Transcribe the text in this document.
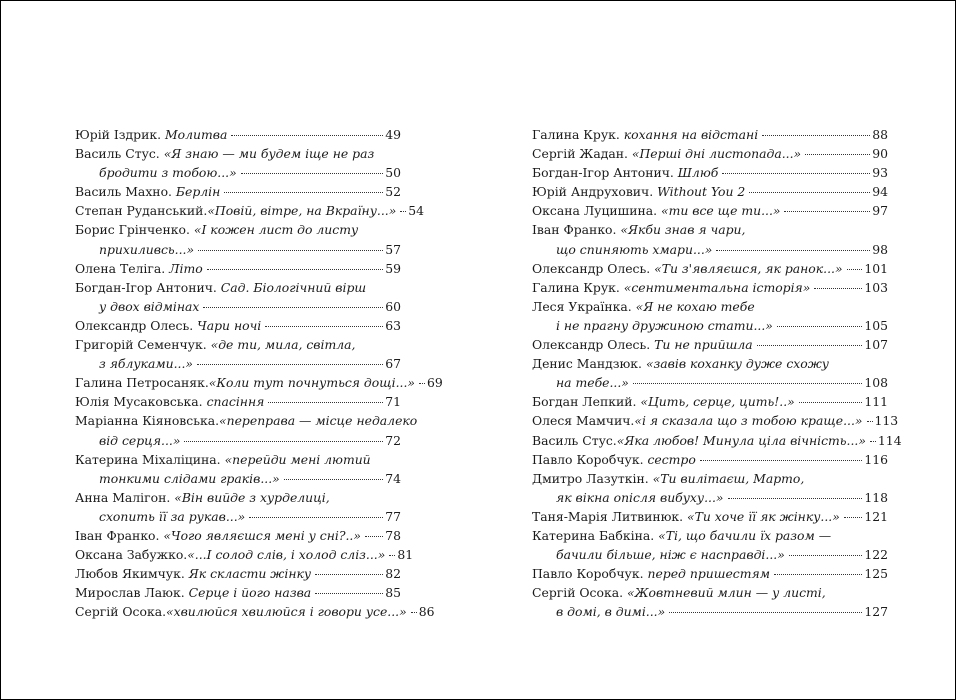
Юрій Іздрик. Молитва	49
Василь Стус. «Я знаю — ми будем іще не раз
бродити з тобою...»	50
Василь Махно. Берлін	52
Степан Руданський. «Повій, вітре, на Вкраїну...» 54
Борис Грінченко. «І кожен лист до листу
прихиливсь...»	57
Олена Теліга. Літо	59
Богдан-Ігор Антонич. Сад. Біологічний вірш
у двох відмінах	60
Олександр Олесь. Чари ночі	63
Григорій Семенчук. «де ти, мила, світла,
з яблуками...»	67
Галина Петросаняк. «Коли тут почнуться дощі...» 69
Юлія Мусаковська. спасіння	71
Маріанна Кіяновська. «переправа — місце недалеко
від серця...»	72
Катерина Міхаліцина. «перейди мені лютий
тонкими слідами граків...»	74
Анна Малігон. «Він вийде з хурделиці,
схопить її за рукав...»	77
Іван Франко. «Чого являєшся мені у сні?..» 78
Оксана Забужко. «...І солод слів, і холод сліз...» 81
Любов Якимчук. Як скласти жінку	82
Мирослав Лаюк. Серце і його назва	85
Сергій Осока. «хвилюйся хвилюйся і говори усе...» 86
Галина Крук. кохання на відстані	88
Сергій Жадан. «Перші дні листопада...»	90
Богдан-Ігор Антонич. Шлюб	93
Юрій Андрухович. Without You 2	94
Оксана Луцишина. «ти все ще ти...»	97
Іван Франко. «Якби знав я чари,
що спиняють хмари...»	98
Олександр Олесь. «Ти з'являєшся, як ранок...» 101
Галина Крук. «сентиментальна історія»	103
Леся Українка. «Я не кохаю тебе
і не прагну дружиною стати...»	105
Олександр Олесь. Ти не прийшла	107
Денис Мандзюк. «завів коханку дуже схожу
на тебе...»	108
Богдан Лепкий. «Цить, серце, цить!..»	111
Олеся Мамчич. «і я сказала що з тобою краще...» 113
Василь Стус. «Яка любов! Минула ціла вічність...» 114
Павло Коробчук. сестро	116
Дмитро Лазуткін. «Ти вилітаєш, Марто,
як вікна опісля вибуху...»	118
Таня-Марія Литвинюк. «Ти хоче її як жінку...» 121
Катерина Бабкіна. «Ті, що бачили їх разом —
бачили більше, ніж є насправді...»	122
Павло Коробчук. перед пришестям	125
Сергій Осока. «Жовтневий млин — у листі,
в домі, в димі...»	127
